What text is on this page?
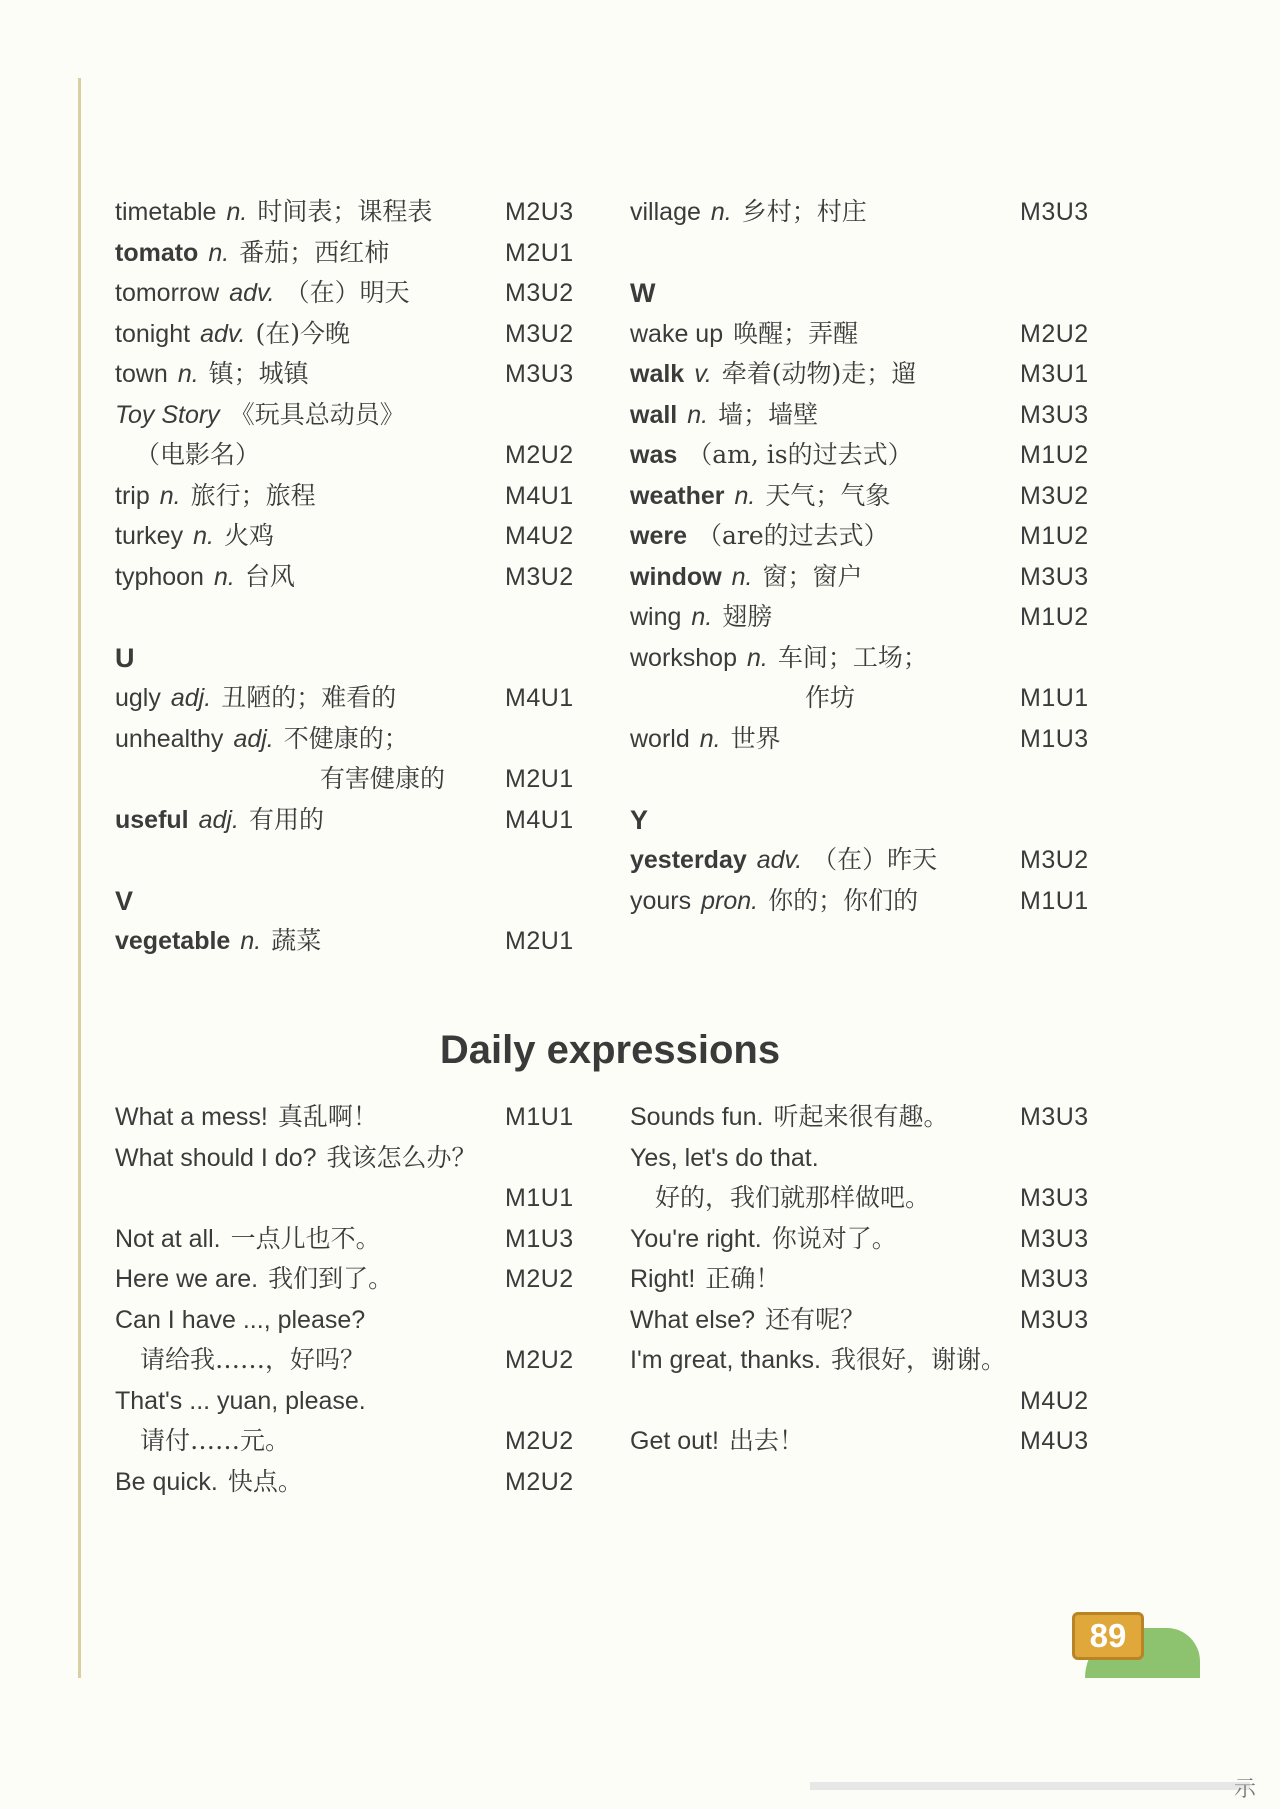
timetable n. 时间表；课程表	M2U3
tomato n. 番茄；西红柿	M2U1
tomorrow adv. （在）明天	M3U2
tonight adv. (在)今晚	M3U2
town n. 镇；城镇	M3U3
Toy Story 《玩具总动员》
（电影名）	M2U2
trip n. 旅行；旅程	M4U1
turkey n. 火鸡	M4U2
typhoon n. 台风	M3U2
U
ugly adj. 丑陋的；难看的	M4U1
unhealthy adj. 不健康的；
有害健康的 M2U1
useful adj. 有用的	M4U1
V
vegetable n. 蔬菜	M2U1
village n. 乡村；村庄	M3U3
W
wake up 唤醒；弄醒	M2U2
walk v. 牵着(动物)走；遛	M3U1
wall n. 墙；墙壁	M3U3
was （am, is的过去式）	M1U2
weather n. 天气；气象	M3U2
were （are的过去式）	M1U2
window n. 窗；窗户	M3U3
wing n. 翅膀	M1U2
workshop n. 车间；工场；
作坊	M1U1
world n. 世界	M1U3
Y
yesterday adv. （在）昨天	M3U2
yours pron. 你的；你们的	M1U1
Daily expressions
What a mess! 真乱啊！	M1U1
What should I do? 我该怎么办？
M1U1
Not at all. 一点儿也不。	M1U3
Here we are. 我们到了。	M2U2
Can I have ..., please?
请给我……，好吗？	M2U2
That's ... yuan, please.
请付……元。	M2U2
Be quick. 快点。	M2U2
Sounds fun. 听起来很有趣。	M3U3
Yes, let's do that.
好的，我们就那样做吧。	M3U3
You're right. 你说对了。	M3U3
Right! 正确！	M3U3
What else? 还有呢？	M3U3
I'm great, thanks. 我很好，谢谢。
M4U2
Get out! 出去！	M4U3
89
示
